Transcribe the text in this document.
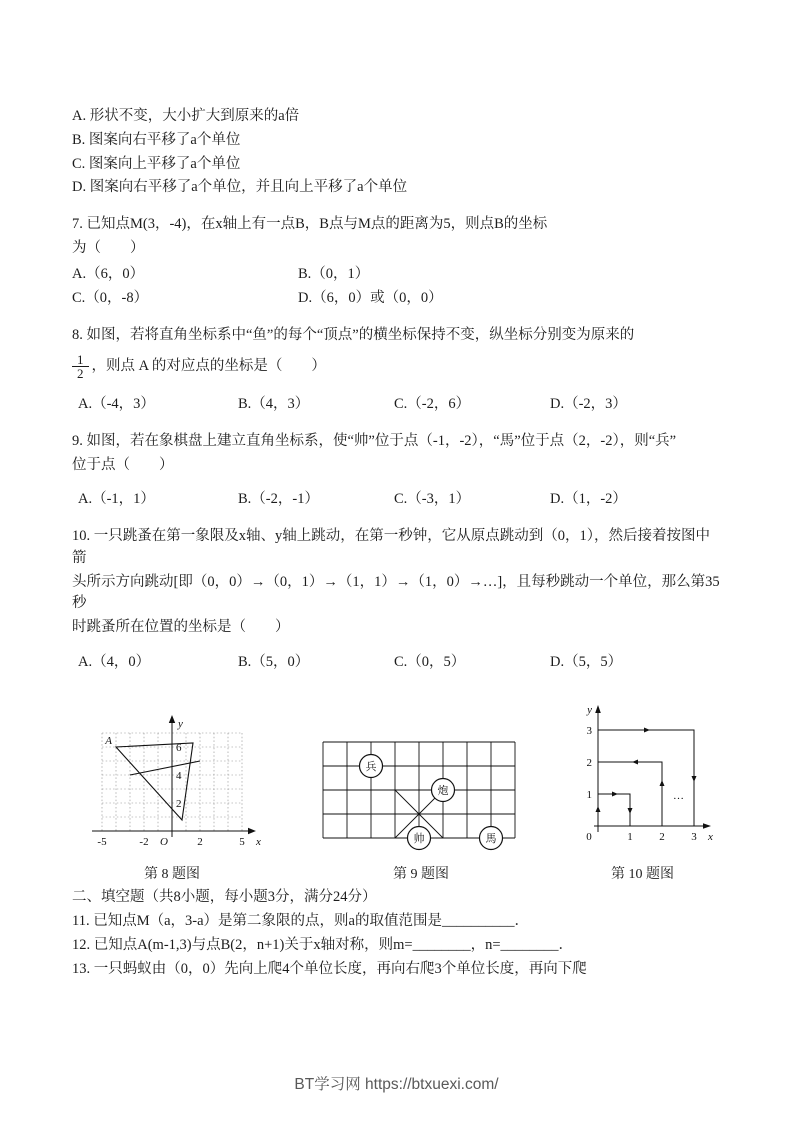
A. 形状不变，大小扩大到原来的a倍

B. 图案向右平移了a个单位

C. 图案向上平移了a个单位

D. 图案向右平移了a个单位，并且向上平移了a个单位

7. 已知点M(3，-4)，在x轴上有一点B，B点与M点的距离为5，则点B的坐标

为（　　）

A.（6，0）	B.（0，1）
C.（0，-8）	D.（6，0）或（0，0）

8. 如图，若将直角坐标系中“鱼”的每个“顶点”的横坐标保持不变，纵坐标分别变为原来的

$\frac{1}{2}$ ，则点 A 的对应点的坐标是（　　）
A.（-4，3）	B.（4，3）	C.（-2，6）	D.（-2，3）

9. 如图，若在象棋盘上建立直角坐标系，使“帅”位于点（-1，-2），“馬”位于点（2，-2），则“兵”

位于点（　　）

A.（-1，1）	B.（-2，-1）	C.（-3，1）	D.（1，-2）

10. 一只跳蚤在第一象限及x轴、y轴上跳动，在第一秒钟，它从原点跳动到（0，1），然后接着按图中箭

头所示方向跳动[即（0，0）→（0，1）→（1，1）→（1，0）→…]，且每秒跳动一个单位，那么第35秒

时跳蚤所在位置的坐标是（　　）

A.（4，0）	B.（5，0）	C.（0，5）	D.（5，5）
A
y
x
O
-5	-2	2	5
2
4
6

第 8 题图

兵
炮
帅	馬

第 9 题图

y
x
0	1 2 3
1
2
3
…

第 10 题图

二、填空题（共8小题，每小题3分，满分24分）

11. 已知点M（a，3-a）是第二象限的点，则a的取值范围是__________．

12. 已知点A(m-1,3)与点B(2，n+1)关于x轴对称，则m=________，n=________．

13. 一只蚂蚁由（0，0）先向上爬4个单位长度，再向右爬3个单位长度，再向下爬

BT学习网 https://btxuexi.com/
